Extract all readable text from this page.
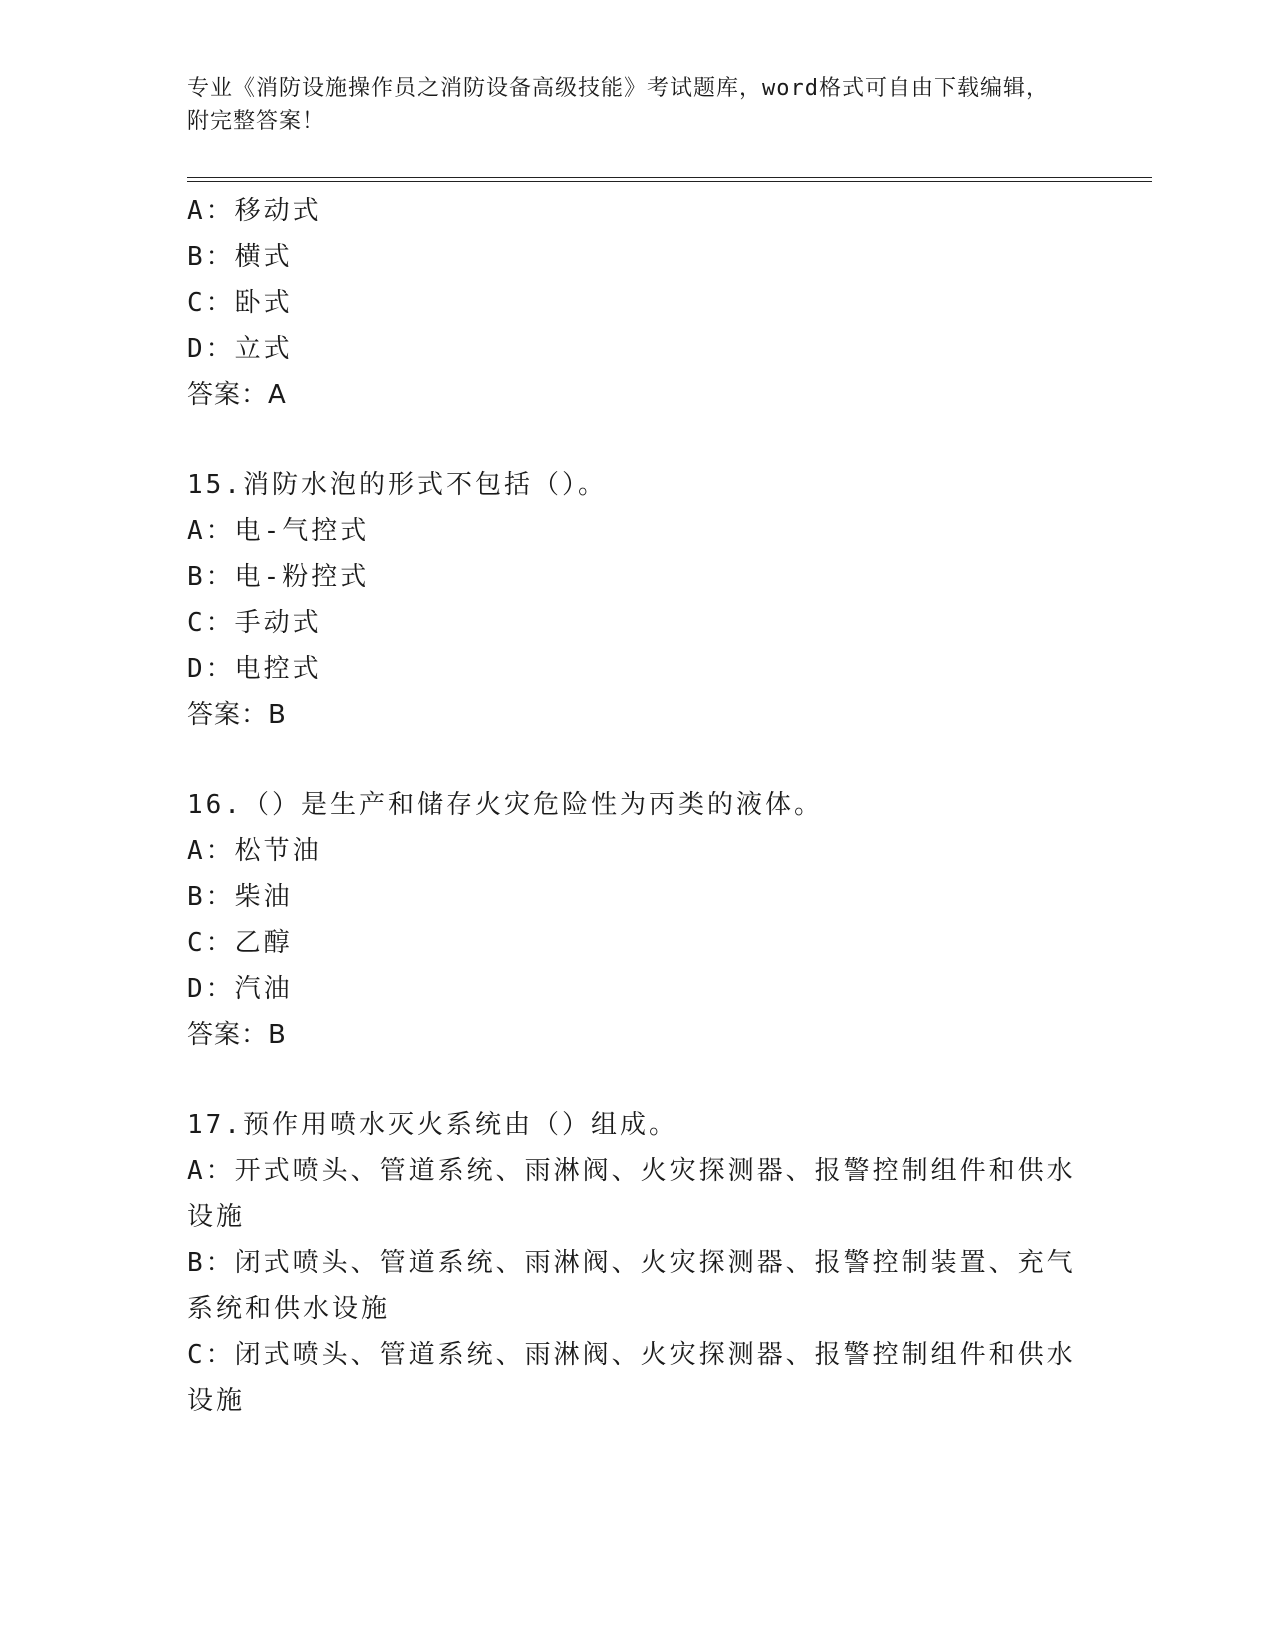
专业《消防设施操作员之消防设备高级技能》考试题库，word格式可自由下载编辑，附完整答案！
A：移动式
B：横式
C：卧式
D：立式
答案：A
15.消防水泡的形式不包括（）。
A：电-气控式
B：电-粉控式
C：手动式
D：电控式
答案：B
16.（）是生产和储存火灾危险性为丙类的液体。
A：松节油
B：柴油
C：乙醇
D：汽油
答案：B
17.预作用喷水灭火系统由（）组成。
A：开式喷头、管道系统、雨淋阀、火灾探测器、报警控制组件和供水设施
B：闭式喷头、管道系统、雨淋阀、火灾探测器、报警控制装置、充气系统和供水设施
C：闭式喷头、管道系统、雨淋阀、火灾探测器、报警控制组件和供水设施
